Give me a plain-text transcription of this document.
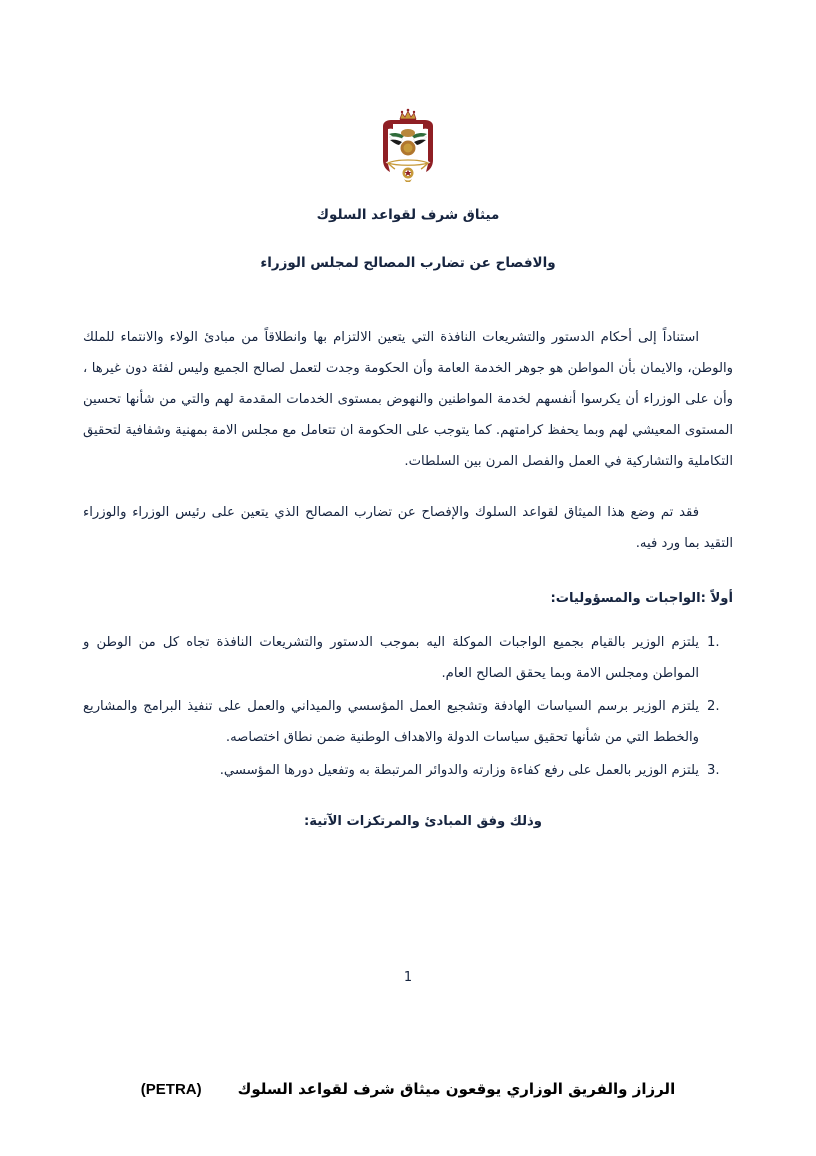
ميثاق شرف لقواعد السلوك
والافصاح عن تضارب المصالح لمجلس الوزراء

استناداً إلى أحكام الدستور والتشريعات النافذة التي يتعين الالتزام بها وانطلاقاً من مبادئ الولاء والانتماء للملك والوطن، والايمان بأن المواطن هو جوهر الخدمة العامة وأن الحكومة وجدت لتعمل لصالح الجميع وليس لفئة دون غيرها ، وأن على الوزراء أن يكرسوا أنفسهم لخدمة المواطنين والنهوض بمستوى الخدمات المقدمة لهم والتي من شأنها تحسين المستوى المعيشي لهم وبما يحفظ كرامتهم. كما يتوجب على الحكومة ان تتعامل مع مجلس الامة بمهنية وشفافية لتحقيق التكاملية والتشاركية في العمل والفصل المرن بين السلطات.

فقد تم وضع هذا الميثاق لقواعد السلوك والإفصاح عن تضارب المصالح الذي يتعين على رئيس الوزراء والوزراء التقيد بما ورد فيه.

أولاً :الواجبات والمسؤوليات:
1.
يلتزم الوزير بالقيام بجميع الواجبات الموكلة اليه بموجب الدستور والتشريعات النافذة تجاه كل من الوطن و المواطن ومجلس الامة وبما يحقق الصالح العام.
2.
يلتزم الوزير برسم السياسات الهادفة وتشجيع العمل المؤسسي والميداني والعمل على تنفيذ البرامج والمشاريع والخطط التي من شأنها تحقيق سياسات الدولة والاهداف الوطنية ضمن نطاق اختصاصه.
3.
يلتزم الوزير بالعمل على رفع كفاءة وزارته والدوائر المرتبطة به وتفعيل دورها المؤسسي.
وذلك وفق المبادئ والمرتكزات الآتية:
1
الرزاز والفريق الوزاري يوقعون ميثاق شرف لقواعد السلوك
(PETRA)
